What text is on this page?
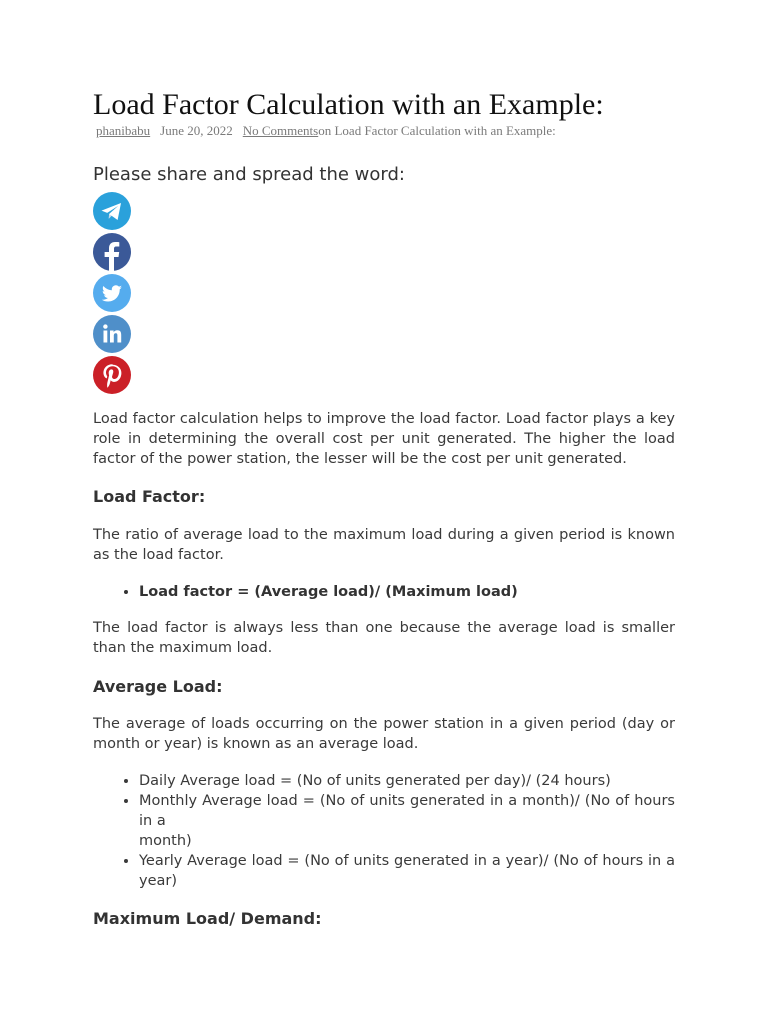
Load Factor Calculation with an Example:
phanibabu June 20, 2022 No Commentson Load Factor Calculation with an Example:
Please share and spread the word:

Load factor calculation helps to improve the load factor. Load factor plays a key role in determining the overall cost per unit generated. The higher the load factor of the power station, the lesser will be the cost per unit generated.

Load Factor:

The ratio of average load to the maximum load during a given period is known as the load factor.

• Load factor = (Average load)/ (Maximum load)

The load factor is always less than one because the average load is smaller than the maximum load.

Average Load:

The average of loads occurring on the power station in a given period (day or month or year) is known as an average load.

• Daily Average load = (No of units generated per day)/ (24 hours)
• Monthly Average load = (No of units generated in a month)/ (No of hours in a
month)
• Yearly Average load = (No of units generated in a year)/ (No of hours in a year)
Maximum Load/ Demand:
